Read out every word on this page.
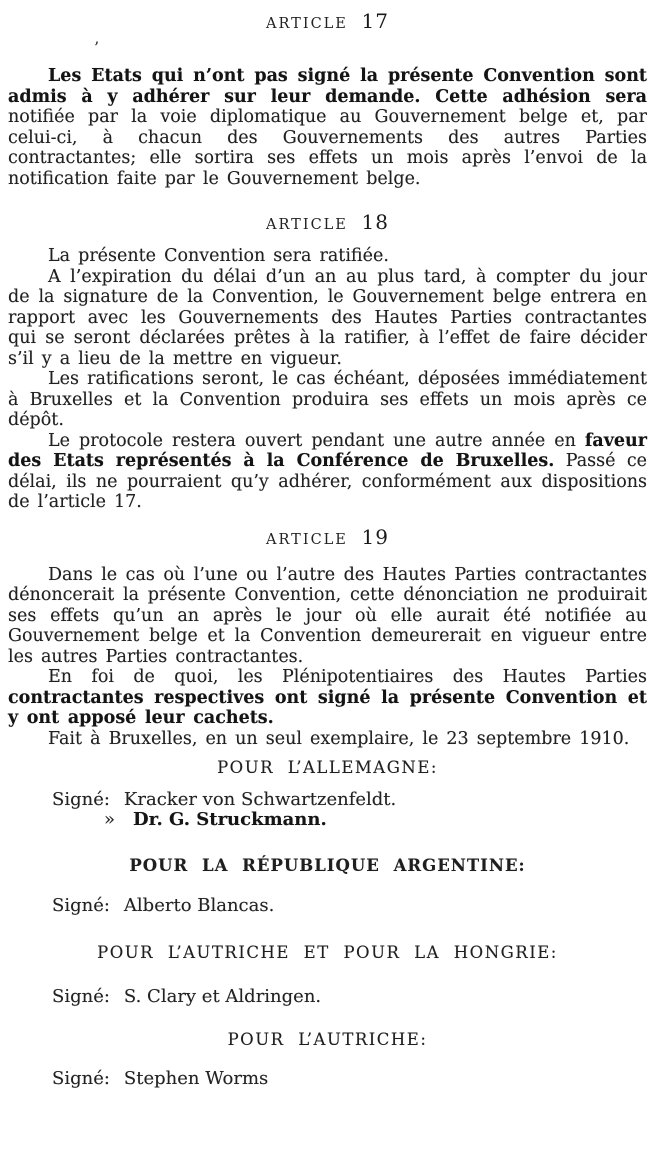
’
ARTICLE 17

Les Etats qui n’ont pas signé la présente Convention sont admis à y adhérer sur leur demande. Cette adhésion sera notifiée par la voie diplomatique au Gouvernement belge et, par celui-ci, à chacun des Gouvernements des autres Parties contractantes; elle sortira ses effets un mois après l’envoi de la notification faite par le Gouvernement belge.

ARTICLE 18

La présente Convention sera ratifiée.

A l’expiration du délai d’un an au plus tard, à compter du jour de la signature de la Convention, le Gouvernement belge entrera en rapport avec les Gouvernements des Hautes Parties contractantes qui se seront déclarées prêtes à la ratifier, à l’effet de faire décider s’il y a lieu de la mettre en vigueur.

Les ratifications seront, le cas échéant, déposées immédiatement à Bruxelles et la Convention produira ses effets un mois après ce dépôt.

Le protocole restera ouvert pendant une autre année en faveur des Etats représentés à la Conférence de Bruxelles. Passé ce délai, ils ne pourraient qu’y adhérer, conformément aux dispositions de l’article 17.

ARTICLE 19

Dans le cas où l’une ou l’autre des Hautes Parties contractantes dénoncerait la présente Convention, cette dénonciation ne produirait ses effets qu’un an après le jour où elle aurait été notifiée au Gouvernement belge et la Convention demeurerait en vigueur entre les autres Parties contractantes.

En foi de quoi, les Plénipotentiaires des Hautes Parties contractantes respectives ont signé la présente Convention et y ont apposé leur cachets.

Fait à Bruxelles, en un seul exemplaire, le 23 septembre 1910.

POUR L’ALLEMAGNE:
Signé: Kracker von Schwartzenfeldt.
» Dr. G. Struckmann.
POUR LA RÉPUBLIQUE ARGENTINE:
Signé: Alberto Blancas.
POUR L’AUTRICHE ET POUR LA HONGRIE:
Signé: S. Clary et Aldringen.
POUR L’AUTRICHE:
Signé: Stephen Worms
